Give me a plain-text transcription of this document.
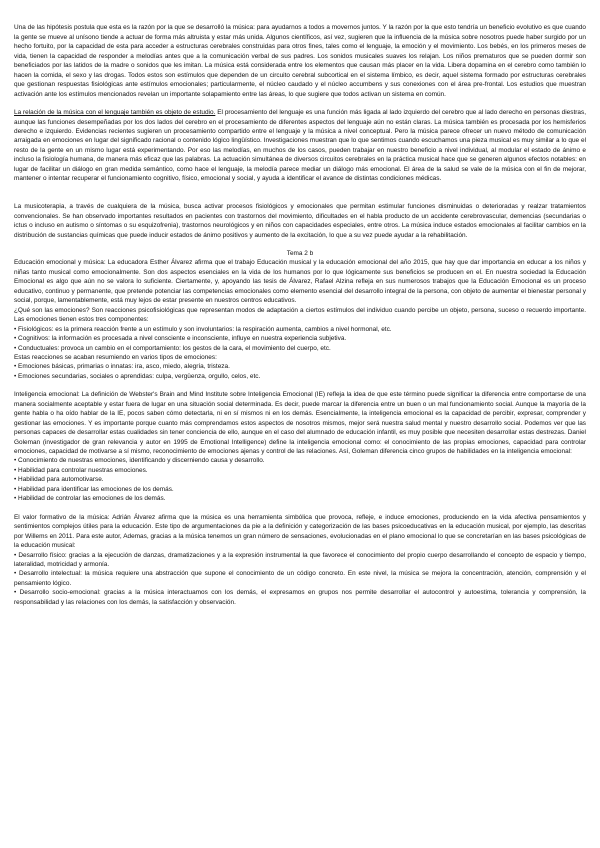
Una de las hipótesis postula que esta es la razón por la que se desarrolló la música: para ayudarnos a todos a movernos juntos. Y la razón por la que esto tendría un beneficio evolutivo es que cuando la gente se mueve al unísono tiende a actuar de forma más altruista y estar más unida. Algunos científicos, así vez, sugieren que la influencia de la música sobre nosotros puede haber surgido por un hecho fortuito, por la capacidad de esta para acceder a estructuras cerebrales construidas para otros fines, tales como el lenguaje, la emoción y el movimiento. Los bebés, en los primeros meses de vida, tienen la capacidad de responder a melodías antes que a la comunicación verbal de sus padres. Los sonidos musicales suaves los relajan. Los niños prematuros que se pueden dormir son beneficiados por las latidos de la madre o sonidos que les imitan. La música está considerada entre los elementos que causan más placer en la vida. Libera dopamina en el cerebro como también lo hacen la comida, el sexo y las drogas. Todos estos son estímulos que dependen de un circuito cerebral subcortical en el sistema límbico, es decir, aquel sistema formado por estructuras cerebrales que gestionan respuestas fisiológicas ante estímulos emocionales; particularmente, el núcleo caudado y el núcleo accumbens y sus conexiones con el área pre-frontal. Los estudios que muestran activación ante los estímulos mencionados revelan un importante solapamiento entre las áreas, lo que sugiere que todos activan un sistema en común.

La relación de la música con el lenguaje también es objeto de estudio. El procesamiento del lenguaje es una función más ligada al lado izquierdo del cerebro que al lado derecho en personas diestras, aunque las funciones desempeñadas por los dos lados del cerebro en el procesamiento de diferentes aspectos del lenguaje aún no están claras. La música también es procesada por los hemisferios derecho e izquierdo. Evidencias recientes sugieren un procesamiento compartido entre el lenguaje y la música a nivel conceptual. Pero la música parece ofrecer un nuevo método de comunicación arraigada en emociones en lugar del significado racional o contenido lógico lingüístico. Investigaciones muestran que lo que sentimos cuando escuchamos una pieza musical es muy similar a lo que el resto de la gente en un mismo lugar está experimentando. Por eso las melodías, en muchos de los casos, pueden trabajar en nuestro beneficio a nivel individual, al modular el estado de ánimo e incluso la fisiología humana, de manera más eficaz que las palabras. La actuación simultánea de diversos circuitos cerebrales en la práctica musical hace que se generen algunos efectos notables: en lugar de facilitar un diálogo en gran medida semántico, como hace el lenguaje, la melodía parece mediar un diálogo más emocional. El área de la salud se vale de la música con el fin de mejorar, mantener o intentar recuperar el funcionamiento cognitivo, físico, emocional y social, y ayuda a identificar el avance de distintas condiciones médicas.

La musicoterapia, a través de cualquiera de la música, busca activar procesos fisiológicos y emocionales que permitan estimular funciones disminuidas o deterioradas y realzar tratamientos convencionales. Se han observado importantes resultados en pacientes con trastornos del movimiento, dificultades en el habla producto de un accidente cerebrovascular, demencias (secundarias o ictus o incluso en autismo o síntomas o su esquizofrenia), trastornos neurológicos y en niños con capacidades especiales, entre otros. La música induce estados emocionales al facilitar cambios en la distribución de sustancias químicas que puede inducir estados de ánimo positivos y aumento de la excitación, lo que a su vez puede ayudar a la rehabilitación.

Tema 2 b

Educación emocional y música: La educadora Esther Álvarez afirma que el trabajo Educación musical y la educación emocional del año 2015, que hay que dar importancia en educar a los niños y niñas tanto musical como emocionalmente. Son dos aspectos esenciales en la vida de los humanos por lo que lógicamente sus beneficios se producen en el. En nuestra sociedad la Educación Emocional es algo que aún no se valora lo suficiente. Ciertamente, y, apoyando las tesis de Álvarez, Rafael Alzina refleja en sus numerosos trabajos que la Educación Emocional es un proceso educativo, continuo y permanente, que pretende potenciar las competencias emocionales como elemento esencial del desarrollo integral de la persona, con objeto de aumentar el bienestar personal y social, porque, lamentablemente, está muy lejos de estar presente en nuestros centros educativos.

¿Qué son las emociones? Son reacciones psicofisiológicas que representan modos de adaptación a ciertos estímulos del individuo cuando percibe un objeto, persona, suceso o recuerdo importante. Las emociones tienen estos tres componentes:

• Fisiológicos: es la primera reacción frente a un estímulo y son involuntarios: la respiración aumenta, cambios a nivel hormonal, etc.

• Cognitivos: la información es procesada a nivel consciente e inconsciente, influye en nuestra experiencia subjetiva.

• Conductuales: provoca un cambio en el comportamiento: los gestos de la cara, el movimiento del cuerpo, etc.

Estas reacciones se acaban resumiendo en varios tipos de emociones:

• Emociones básicas, primarias o innatas: ira, asco, miedo, alegría, tristeza.

• Emociones secundarias, sociales o aprendidas: culpa, vergüenza, orgullo, celos, etc.

Inteligencia emocional: La definición de Webster's Brain and Mind Institute sobre Inteligencia Emocional (IE) refleja la idea de que este término puede significar la diferencia entre comportarse de una manera socialmente aceptable y estar fuera de lugar en una situación social determinada. Es decir, puede marcar la diferencia entre un buen o un mal funcionamiento social. Aunque la mayoría de la gente habla o ha oído hablar de la IE, pocos saben cómo detectarla, ni en sí mismos ni en los demás. Esencialmente, la inteligencia emocional es la capacidad de percibir, expresar, comprender y gestionar las emociones. Y es importante porque cuanto más comprendamos estos aspectos de nosotros mismos, mejor será nuestra salud mental y nuestro desarrollo social. Podemos ver que las personas capaces de desarrollar estas cualidades sin tener conciencia de ello, aunque en el caso del alumnado de educación infantil, es muy posible que necesiten desarrollar estas destrezas. Daniel Goleman (investigador de gran relevancia y autor en 1995 de Emotional Intelligence) define la inteligencia emocional como: el conocimiento de las propias emociones, capacidad para controlar emociones, capacidad de motivarse a sí mismo, reconocimiento de emociones ajenas y control de las relaciones. Así, Goleman diferencia cinco grupos de habilidades en la inteligencia emocional:

• Conocimiento de nuestras emociones, identificando y discerniendo causa y desarrollo.

• Habilidad para controlar nuestras emociones.

• Habilidad para automotivarse.

• Habilidad para identificar las emociones de los demás.

• Habilidad de controlar las emociones de los demás.

El valor formativo de la música: Adrián Álvarez afirma que la música es una herramienta simbólica que provoca, refleje, e induce emociones, produciendo en la vida afectiva pensamientos y sentimientos complejos útiles para la educación. Este tipo de argumentaciones da pie a la definición y categorización de las bases psicoeducativas en la educación musical, por ejemplo, las descritas por Willems en 2011. Para este autor, Ademas, gracias a la música tenemos un gran número de sensaciones, evolucionadas en el plano emocional lo que se concretarían en las bases psicológicas de la educación musical:

• Desarrollo físico: gracias a la ejecución de danzas, dramatizaciones y a la expresión instrumental la que favorece el conocimiento del propio cuerpo desarrollando el concepto de espacio y tiempo, lateralidad, motricidad y armonía.

• Desarrollo intelectual: la música requiere una abstracción que supone el conocimiento de un código concreto. En este nivel, la música se mejora la concentración, atención, comprensión y el pensamiento lógico.

• Desarrollo socio-emocional: gracias a la música interactuamos con los demás, el expresamos en grupos nos permite desarrollar el autocontrol y autoestima, tolerancia y comprensión, la responsabilidad y las relaciones con los demás, la satisfacción y observación.
